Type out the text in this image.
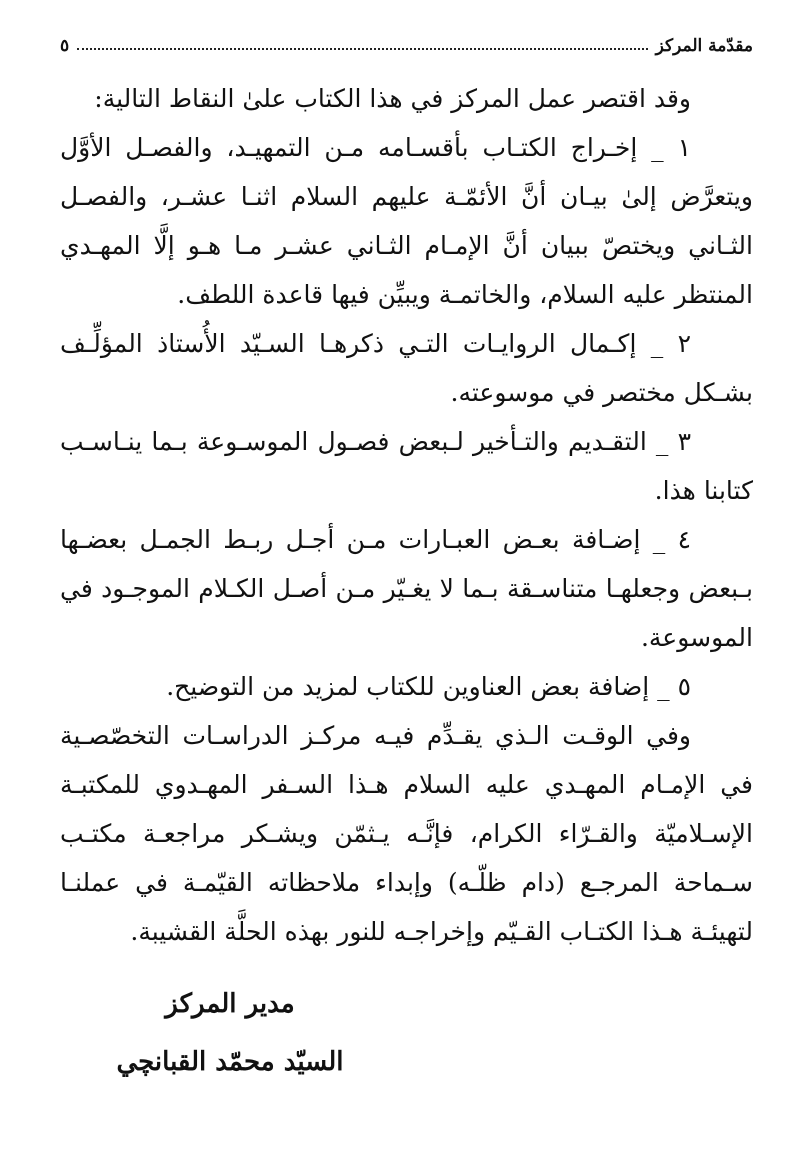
مقدّمة المركز
٥

وقد اقتصر عمل المركز في هذا الكتاب علىٰ النقاط التالية:

١ _ إخـراج الكتـاب بأقسـامه مـن التمهيـد، والفصـل الأوَّل ويتعرَّض إلىٰ بيـان أنَّ الأئمّـة عليهم السلام اثنـا عشـر، والفصـل الثـاني ويختصّ ببيان أنَّ الإمـام الثـاني عشـر مـا هـو إلَّا المهـدي المنتظر عليه السلام، والخاتمـة ويبيِّن فيها قاعدة اللطف.

٢ _ إكـمال الروايـات التـي ذكرهـا السـيّد الأُستاذ المؤلِّـف بشـكل مختصر في موسوعته.

٣ _ التقـديم والتـأخير لـبعض فصـول الموسـوعة بـما ينـاسـب كتابنا هذا.

٤ _ إضـافة بعـض العبـارات مـن أجـل ربـط الجمـل بعضـها بـبعض وجعلهـا متناسـقة بـما لا يغـيّر مـن أصـل الكـلام الموجـود في الموسوعة.

٥ _ إضافة بعض العناوين للكتاب لمزيد من التوضيح.

وفي الوقـت الـذي يقـدِّم فيـه مركـز الدراسـات التخصّصـية في الإمـام المهـدي عليه السلام هـذا السـفر المهـدوي للمكتبـة الإسـلاميّة والقـرّاء الكرام، فإنَّـه يـثمّن ويشـكر مراجعـة مكتـب سـماحة المرجـع (دام ظلّـه) وإبداء ملاحظاته القيّمـة في عملنـا لتهيئـة هـذا الكتـاب القـيّم وإخراجـه للنور بهذه الحلَّة القشيبة.

مدير المركز
السيّد محمّد القبانچي
